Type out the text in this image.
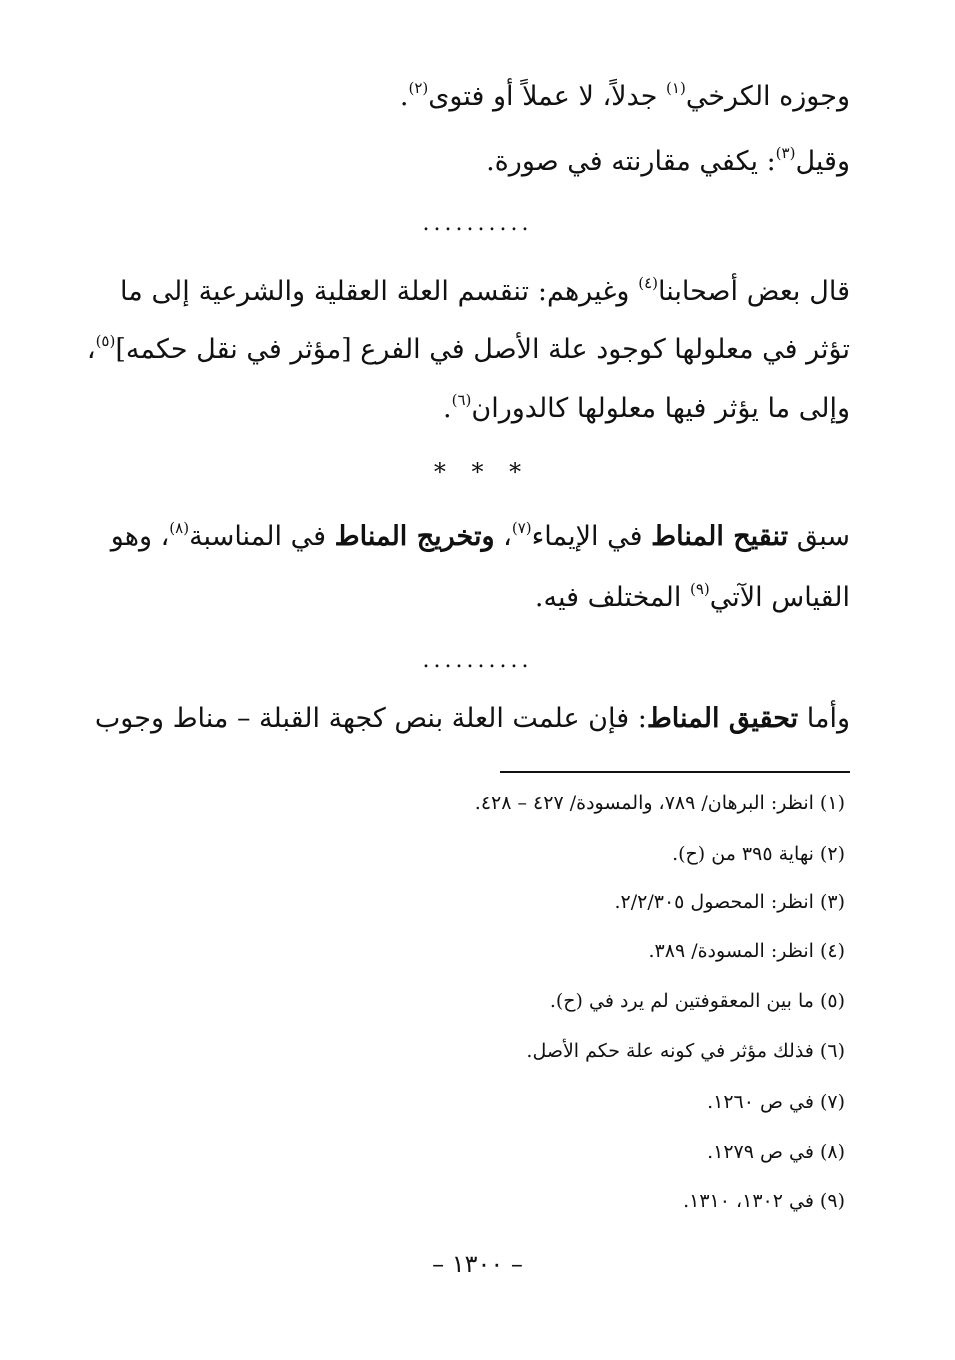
وجوزه الكرخي$^{(١)}$ جدلاً، لا عملاً أو فتوى$^{(٢)}$.
وقيل$^{(٣)}$: يكفي مقارنته في صورة.
..........
قال بعض أصحابنا$^{(٤)}$ وغيرهم: تنقسم العلة العقلية والشرعية إلى ما
تؤثر في معلولها كوجود علة الأصل في الفرع [مؤثر في نقل حكمه]$^{(٥)}$،
وإلى ما يؤثر فيها معلولها كالدوران$^{(٦)}$.
* * *
سبق تنقيح المناط في الإيماء$^{(٧)}$، وتخريج المناط في المناسبة$^{(٨)}$، وهو
القياس الآتي$^{(٩)}$ المختلف فيه.
..........
وأما تحقيق المناط: فإن علمت العلة بنص كجهة القبلة – مناط وجوب
(١) انظر: البرهان/ ٧٨٩، والمسودة/ ٤٢٧ – ٤٢٨.
(٢) نهاية ٣٩٥ من (ح).
(٣) انظر: المحصول ٢/٢/٣٠٥.
(٤) انظر: المسودة/ ٣٨٩.
(٥) ما بين المعقوفتين لم يرد في (ح).
(٦) فذلك مؤثر في كونه علة حكم الأصل.
(٧) في ص ١٢٦٠.
(٨) في ص ١٢٧٩.
(٩) في ١٣٠٢، ١٣١٠.
– ١٣٠٠ –
